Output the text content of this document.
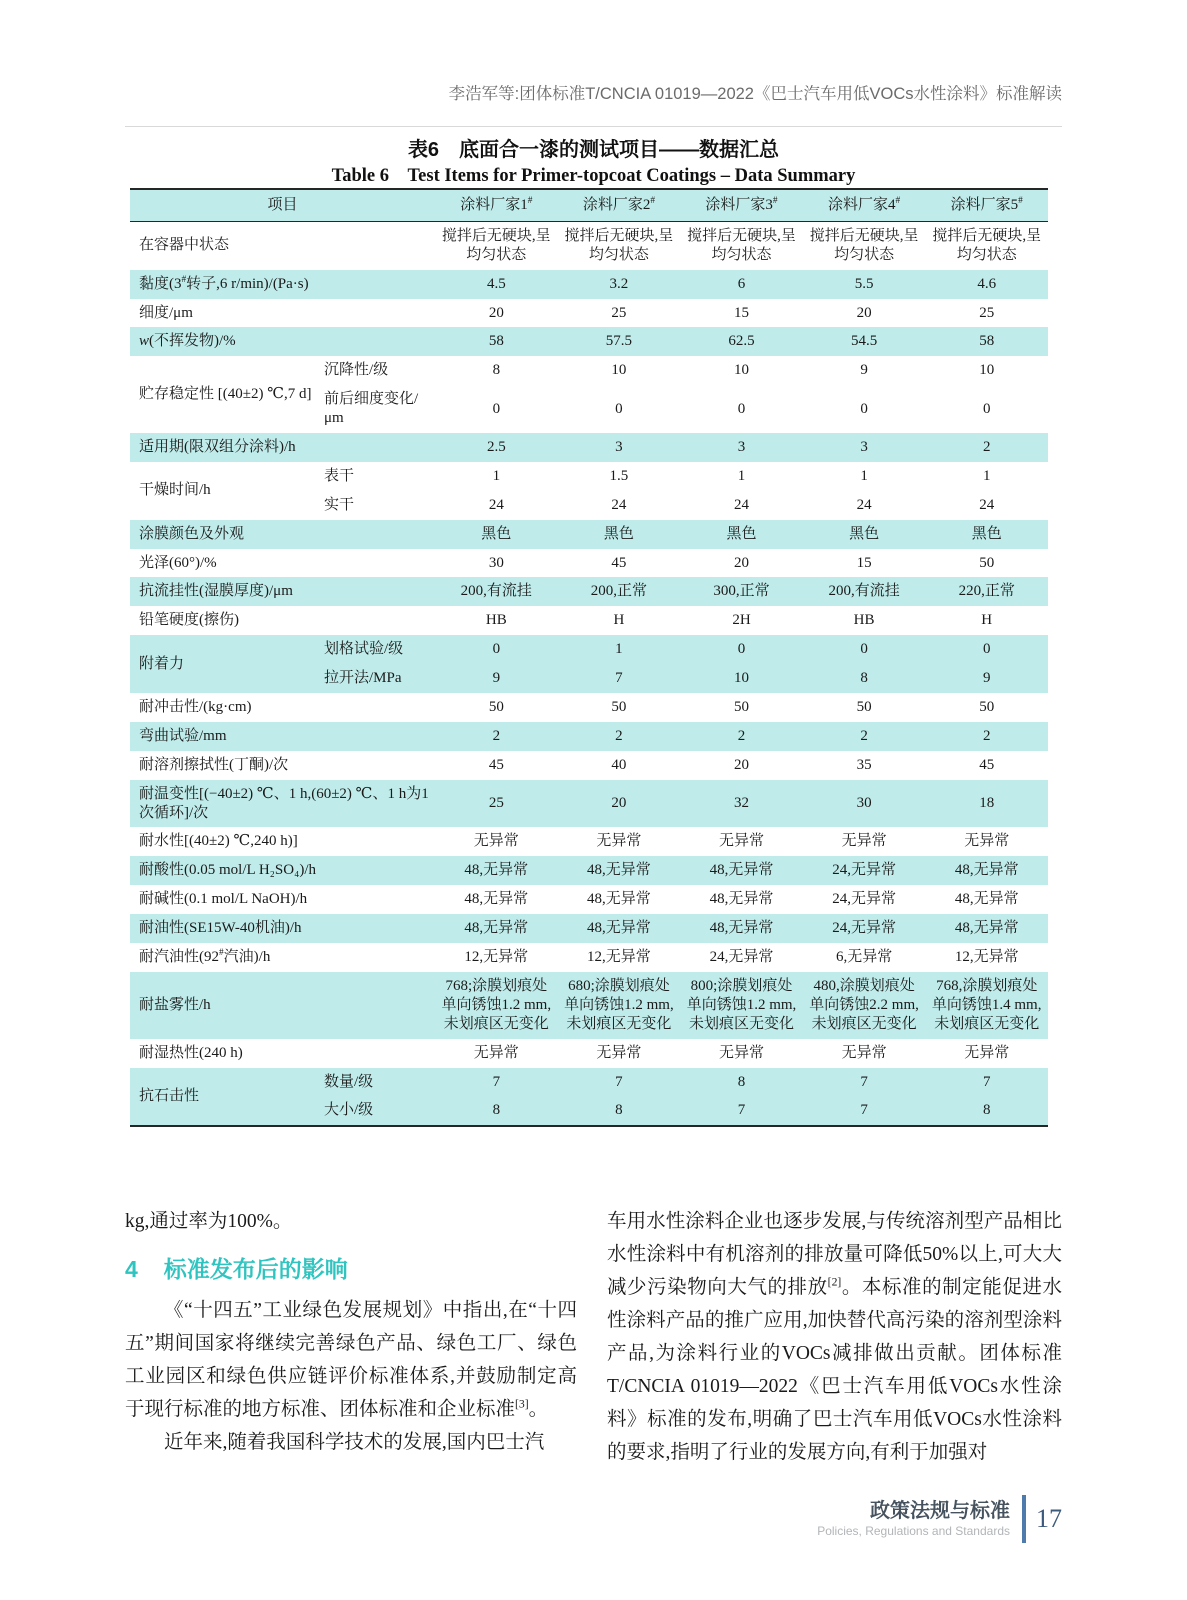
李浩军等:团体标准T/CNCIA 01019—2022《巴士汽车用低VOCs水性涂料》标准解读
表6　底面合一漆的测试项目——数据汇总
Table 6　Test Items for Primer-topcoat Coatings – Data Summary
项目		涂料厂家1#	涂料厂家2#	涂料厂家3#	涂料厂家4#	涂料厂家5#
在容器中状态		搅拌后无硬块,呈均匀状态	搅拌后无硬块,呈均匀状态	搅拌后无硬块,呈均匀状态	搅拌后无硬块,呈均匀状态	搅拌后无硬块,呈均匀状态
黏度(3#转子,6 r/min)/(Pa·s)		4.5	3.2	6	5.5	4.6
细度/μm		20	25	15	20	25
w(不挥发物)/%		58	57.5	62.5	54.5	58
贮存稳定性 [(40±2) ℃,7 d]	沉降性/级	8	10	10	9	10
	前后细度变化/μm	0	0	0	0	0
适用期(限双组分涂料)/h		2.5	3	3	3	2
干燥时间/h	表干	1	1.5	1	1	1
	实干	24	24	24	24	24
涂膜颜色及外观		黑色	黑色	黑色	黑色	黑色
光泽(60°)/%		30	45	20	15	50
抗流挂性(湿膜厚度)/μm		200,有流挂	200,正常	300,正常	200,有流挂	220,正常
铅笔硬度(擦伤)		HB	H	2H	HB	H
附着力	划格试验/级	0	1	0	0	0
	拉开法/MPa	9	7	10	8	9
耐冲击性/(kg·cm)		50	50	50	50	50
弯曲试验/mm		2	2	2	2	2
耐溶剂擦拭性(丁酮)/次		45	40	20	35	45
耐温变性[(−40±2) ℃、1 h,(60±2) ℃、1 h为1次循环]/次		25	20	32	30	18
耐水性[(40±2) ℃,240 h)]		无异常	无异常	无异常	无异常	无异常
耐酸性(0.05 mol/L H₂SO₄)/h		48,无异常	48,无异常	48,无异常	24,无异常	48,无异常
耐碱性(0.1 mol/L NaOH)/h		48,无异常	48,无异常	48,无异常	24,无异常	48,无异常
耐油性(SE15W-40机油)/h		48,无异常	48,无异常	48,无异常	24,无异常	48,无异常
耐汽油性(92#汽油)/h		12,无异常	12,无异常	24,无异常	6,无异常	12,无异常
耐盐雾性/h		768;涂膜划痕处单向锈蚀1.2 mm,未划痕区无变化	680;涂膜划痕处单向锈蚀1.2 mm,未划痕区无变化	800;涂膜划痕处单向锈蚀1.2 mm,未划痕区无变化	480,涂膜划痕处单向锈蚀2.2 mm,未划痕区无变化	768,涂膜划痕处单向锈蚀1.4 mm,未划痕区无变化
耐湿热性(240 h)		无异常	无异常	无异常	无异常	无异常
抗石击性	数量/级	7	7	8	7	7
	大小/级	8	8	7	7	8

kg,通过率为100%。

4 标准发布后的影响

《“十四五”工业绿色发展规划》中指出,在“十四五”期间国家将继续完善绿色产品、绿色工厂、绿色工业园区和绿色供应链评价标准体系,并鼓励制定高于现行标准的地方标准、团体标准和企业标准[3]。

近年来,随着我国科学技术的发展,国内巴士汽

车用水性涂料企业也逐步发展,与传统溶剂型产品相比水性涂料中有机溶剂的排放量可降低50%以上,可大大减少污染物向大气的排放[2]。本标准的制定能促进水性涂料产品的推广应用,加快替代高污染的溶剂型涂料产品,为涂料行业的VOCs减排做出贡献。团体标准T/CNCIA 01019—2022《巴士汽车用低VOCs水性涂料》标准的发布,明确了巴士汽车用低VOCs水性涂料的要求,指明了行业的发展方向,有利于加强对

政策法规与标准
Policies, Regulations and Standards 17
